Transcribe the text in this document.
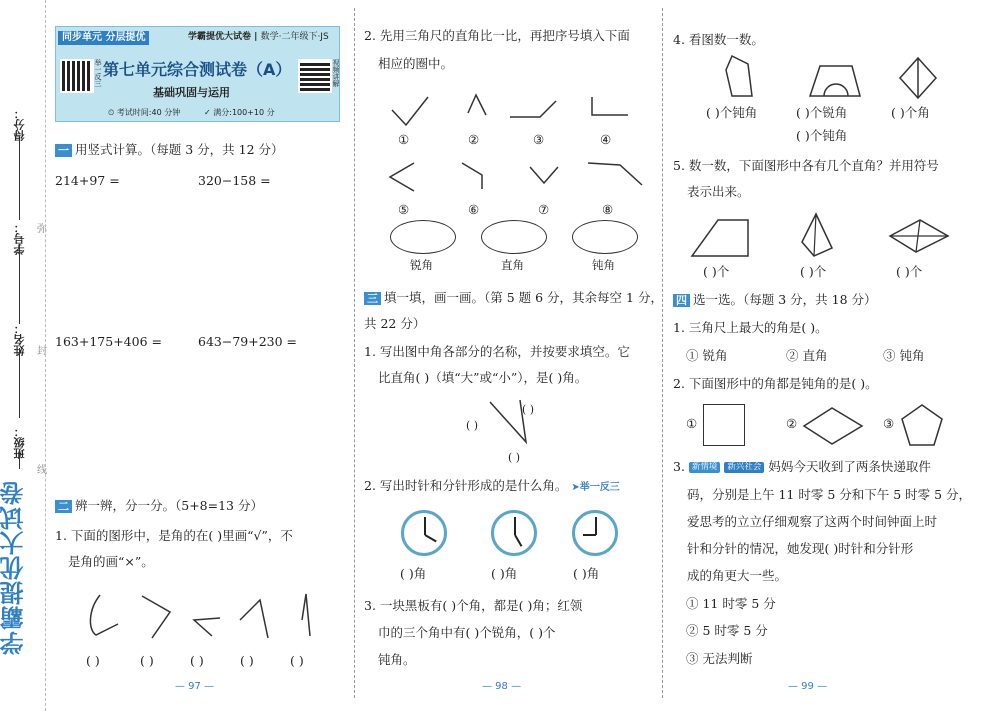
得分：
学号：
姓名：
班级：
弥
封
线
学霸提优大试卷
同步单元 分层提优	学霸提优大试卷 | 数学·二年级下·JS
举一反三 第七单元综合测试卷（A）	视频讲解
基础巩固与运用
⏲ 考试时间:40 分钟	✓ 满分:100+10 分
一 用竖式计算。（每题 3 分，共 12 分）
214+97 =	320−158 =
163+175+406 =	643−79+230 =
二 辨一辨，分一分。（5+8=13 分）
1. 下面的图形中，是角的在( )里画“√”，不
是角的画“×”。
( )	( )	( )	( )	( )
— 97 —
2. 先用三角尺的直角比一比，再把序号填入下面
相应的圈中。
①	②	③	④
⑤	⑥	⑦	⑧
锐角	直角	钝角
三 填一填，画一画。（第 5 题 6 分，其余每空 1 分，
共 22 分）
1. 写出图中角各部分的名称，并按要求填空。它
比直角( )（填“大”或“小”），是( )角。
( )
( )
( )
2. 写出时针和分针形成的是什么角。 ➤举一反三
( )角	( )角	( )角
3. 一块黑板有( )个角，都是( )角；红领
巾的三个角中有( )个锐角，( )个
钝角。
— 98 —
4. 看图数一数。
( )个钝角	( )个锐角	( )个角
( )个钝角
5. 数一数，下面图形中各有几个直角？并用符号
表示出来。
( )个	( )个	( )个
四 选一选。（每题 3 分，共 18 分）
1. 三角尺上最大的角是( )。
① 锐角	② 直角	③ 钝角
2. 下面图形中的角都是钝角的是( )。
①	②	③
3. 新情境 新兴社会 妈妈今天收到了两条快递取件
码，分别是上午 11 时零 5 分和下午 5 时零 5 分，
爱思考的立立仔细观察了这两个时间钟面上时
针和分针的情况，她发现( )时针和分针形
成的角更大一些。
① 11 时零 5 分
② 5 时零 5 分
③ 无法判断
— 99 —
